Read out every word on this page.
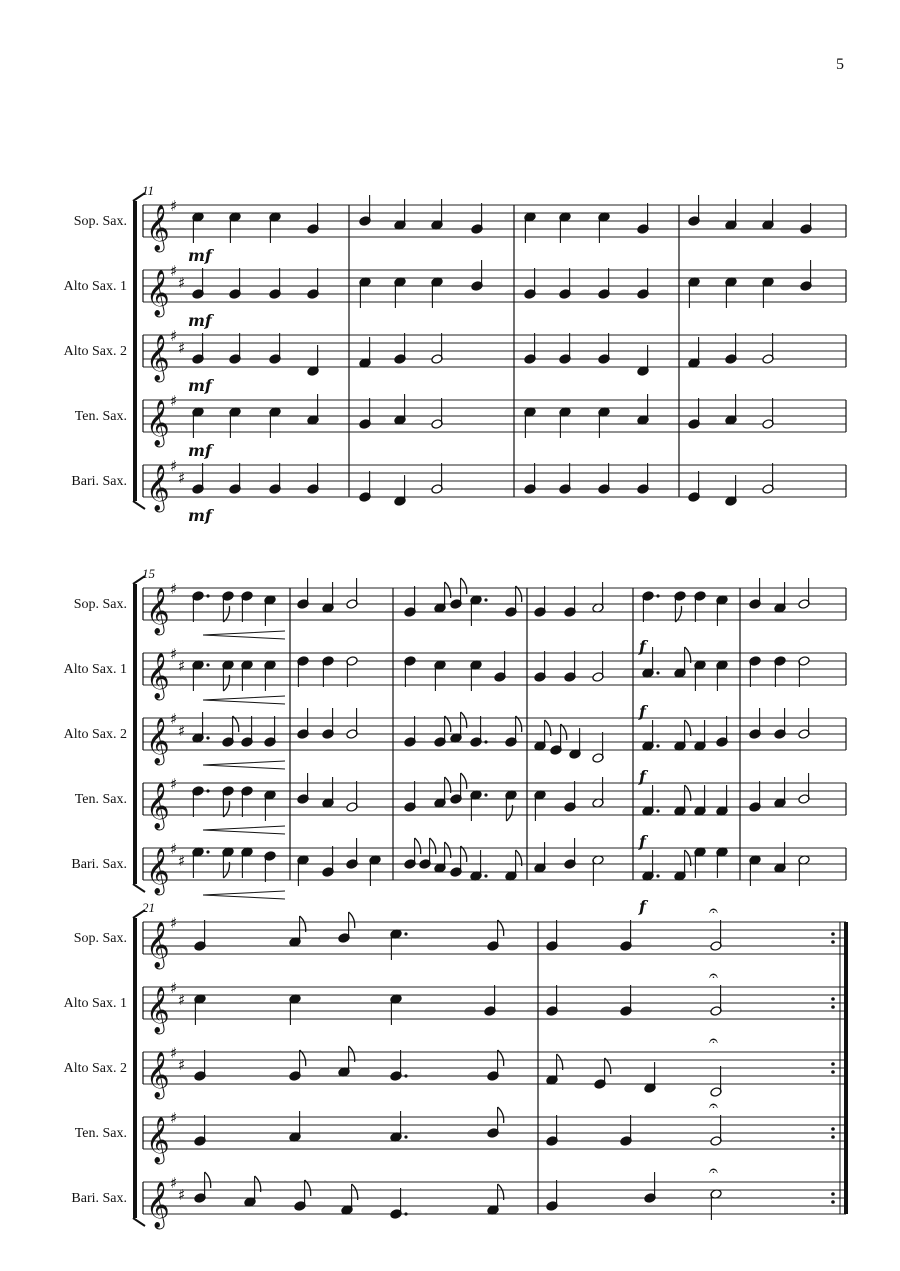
5
11
Sop. Sax. 𝄞 ♯
Alto Sax. 1 𝄞 ♯
♯
Alto Sax. 2 𝄞 ♯
♯
Ten. Sax. 𝄞 ♯
Bari. Sax. 𝄞 ♯
♯
mf
mf
mf
mf
mf
15
Sop. Sax. 𝄞 ♯
Alto Sax. 1 𝄞 ♯
♯
Alto Sax. 2 𝄞 ♯
♯
Ten. Sax. 𝄞 ♯
Bari. Sax. 𝄞 ♯
♯
f
f
f
f
f
21
Sop. Sax. 𝄞 ♯
𝄐
Alto Sax. 1 𝄞 ♯
♯
𝄐
Alto Sax. 2 𝄞 ♯
♯
𝄐
Ten. Sax. 𝄞 ♯
𝄐
Bari. Sax. 𝄞 ♯
♯
𝄐
